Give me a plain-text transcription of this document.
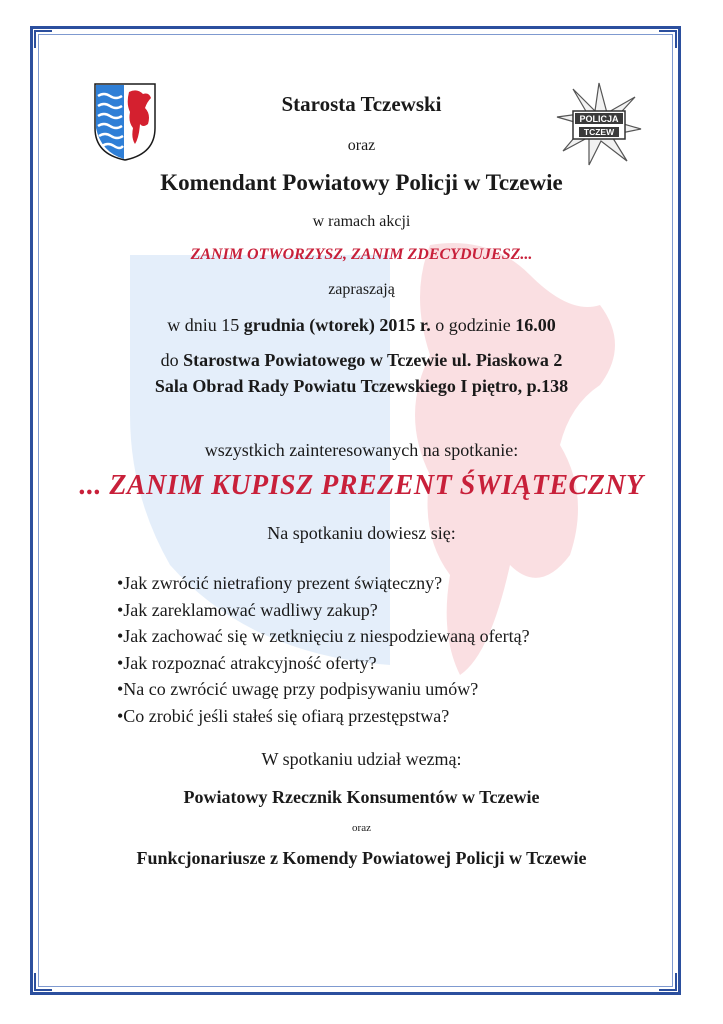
POLICJA
TCZEW
Starosta Tczewski
oraz
Komendant Powiatowy Policji w Tczewie
w ramach akcji
ZANIM OTWORZYSZ, ZANIM ZDECYDUJESZ...
zapraszają
w dniu 15 grudnia (wtorek) 2015 r. o godzinie 16.00
do Starostwa Powiatowego w Tczewie ul. Piaskowa 2
Sala Obrad Rady Powiatu Tczewskiego I piętro, p.138
wszystkich zainteresowanych na spotkanie:
... ZANIM KUPISZ PREZENT ŚWIĄTECZNY
Na spotkaniu dowiesz się:
•Jak zwrócić nietrafiony prezent świąteczny?
•Jak zareklamować wadliwy zakup?
•Jak zachować się w zetknięciu z niespodziewaną ofertą?
•Jak rozpoznać atrakcyjność oferty?
•Na co zwrócić uwagę przy podpisywaniu umów?
•Co zrobić jeśli stałeś się ofiarą przestępstwa?
W spotkaniu udział wezmą:
Powiatowy Rzecznik Konsumentów w Tczewie
oraz
Funkcjonariusze z Komendy Powiatowej Policji w Tczewie
